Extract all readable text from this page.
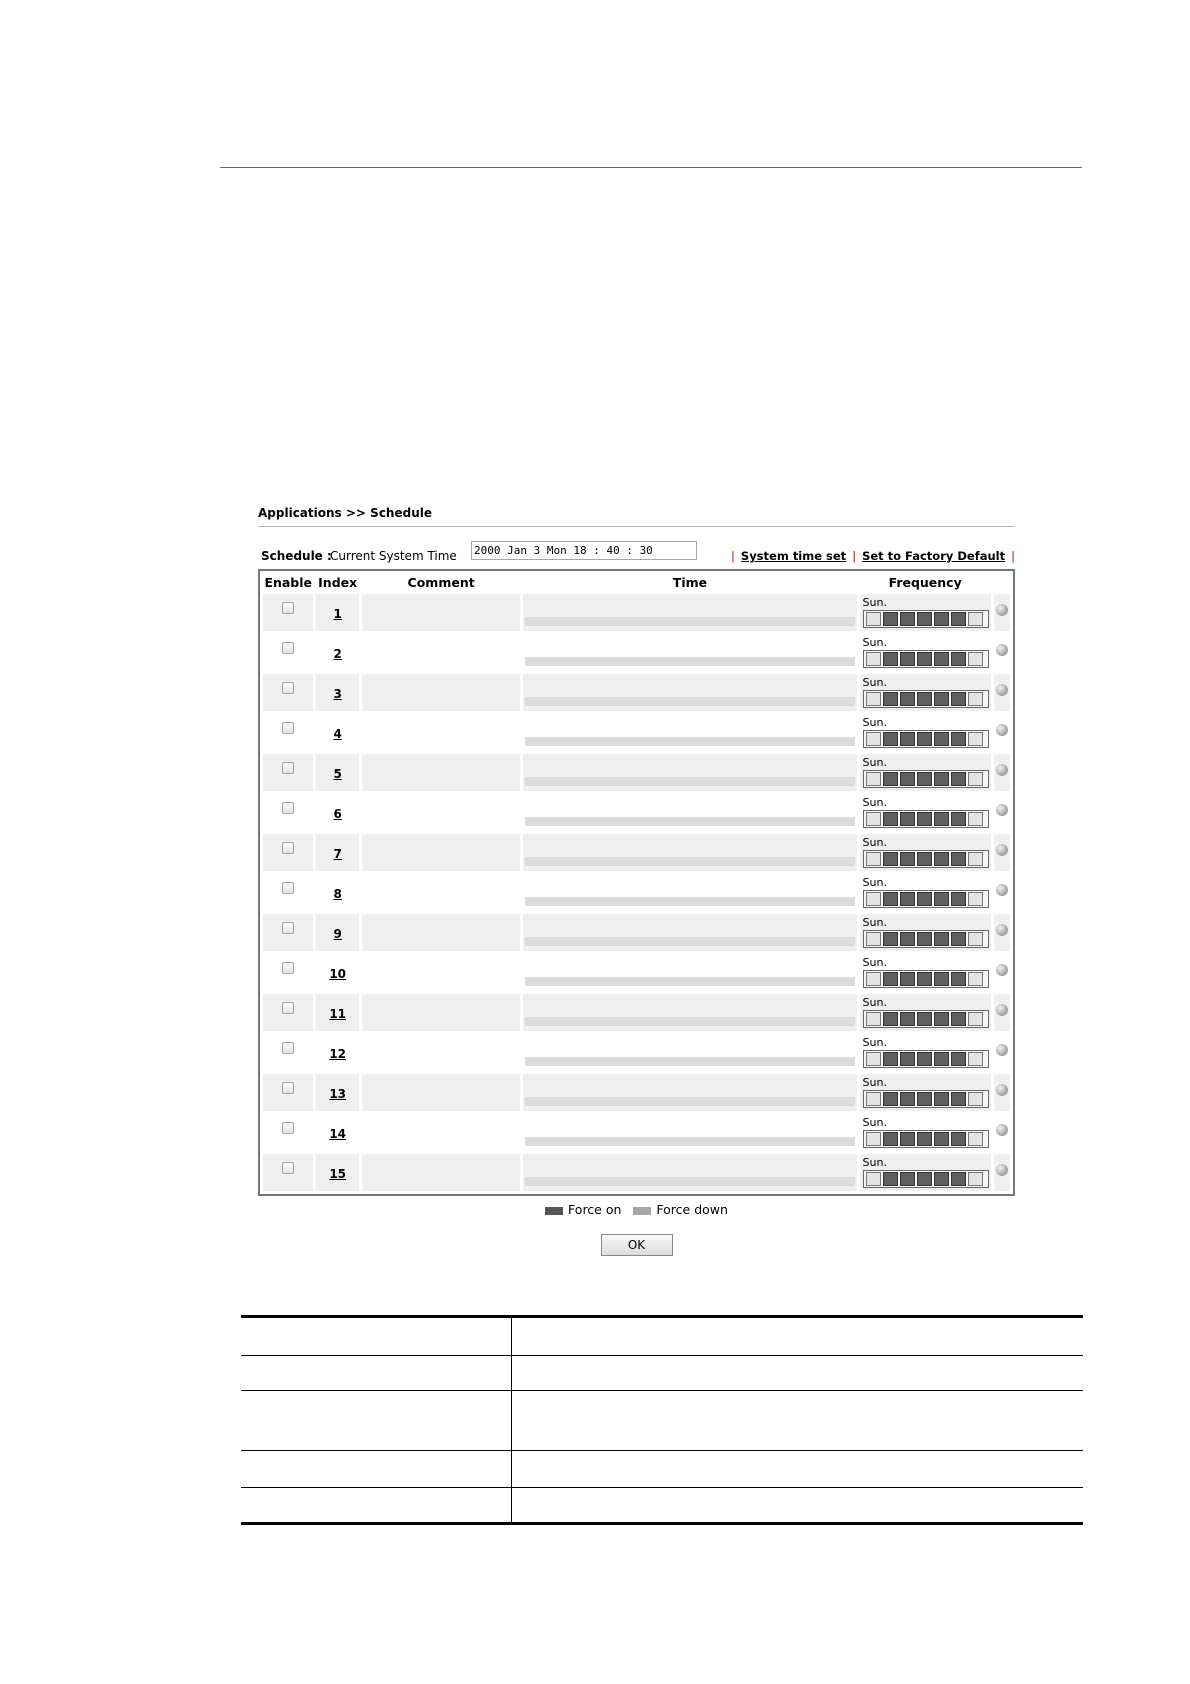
Applications >> Schedule
Schedule :
Current System Time
2000 Jan 3 Mon 18 : 40 : 30	| System time set | Set to Factory Default |
Enable	Index	Comment	Time	Frequency	
	1			Sun.	

	2			Sun.	

	3			Sun.	

	4			Sun.	

	5			Sun.	

	6			Sun.	

	7			Sun.	

	8			Sun.	

	9			Sun.	

	10			Sun.	

	11			Sun.	

	12			Sun.	

	13			Sun.	

	14			Sun.	

	15			Sun.	

Force on	Force down
OK
